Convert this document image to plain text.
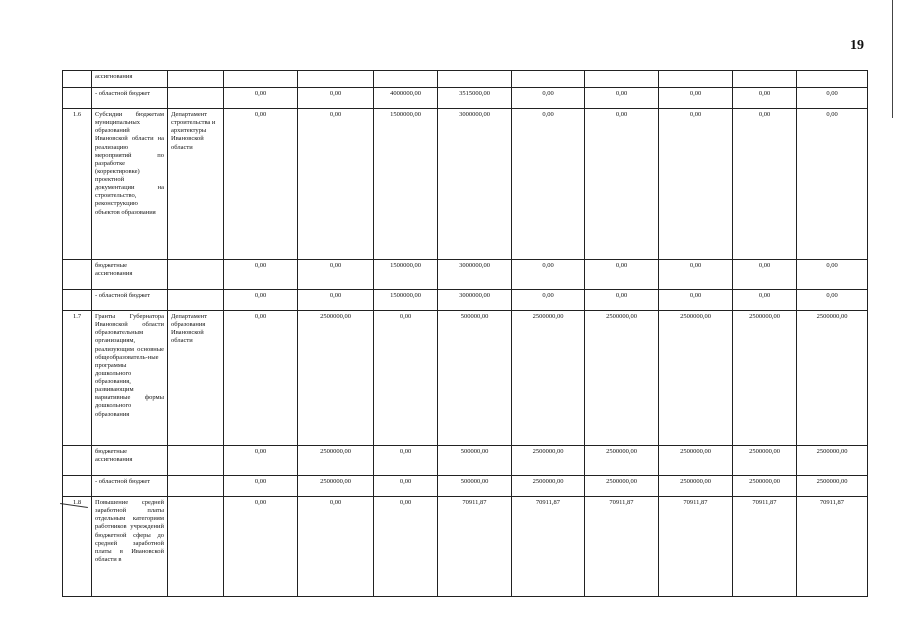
19
	ассигнования										
	- областной бюджет		0,00	0,00	4000000,00	3515000,00	0,00	0,00	0,00	0,00	0,00
1.6	Субсидии бюджетам муниципальных образований Ивановской области на реализацию мероприятий по разработке (корректировке) проектной документации на строительство, реконструкцию объектов образования	Департамент строительства и архитектуры Ивановской области	0,00	0,00	1500000,00	3000000,00	0,00	0,00	0,00	0,00	0,00
	бюджетные ассигнования		0,00	0,00	1500000,00	3000000,00	0,00	0,00	0,00	0,00	0,00
	- областной бюджет		0,00	0,00	1500000,00	3000000,00	0,00	0,00	0,00	0,00	0,00
1.7	Гранты Губернатора Ивановской области образовательным организациям, реализующим основные общеобразователь-ные программы дошкольного образования, развивающим вариативные формы дошкольного образования	Департамент образования Ивановской области	0,00	2500000,00	0,00	500000,00	2500000,00	2500000,00	2500000,00	2500000,00	2500000,00
	бюджетные ассигнования		0,00	2500000,00	0,00	500000,00	2500000,00	2500000,00	2500000,00	2500000,00	2500000,00
	- областной бюджет		0,00	2500000,00	0,00	500000,00	2500000,00	2500000,00	2500000,00	2500000,00	2500000,00
1.8	Повышение средней заработной платы отдельным категориям работников учреждений бюджетной сферы до средней заработной платы в Ивановской области в		0,00	0,00	0,00	70911,87	70911,87	70911,87	70911,87	70911,87	70911,87
